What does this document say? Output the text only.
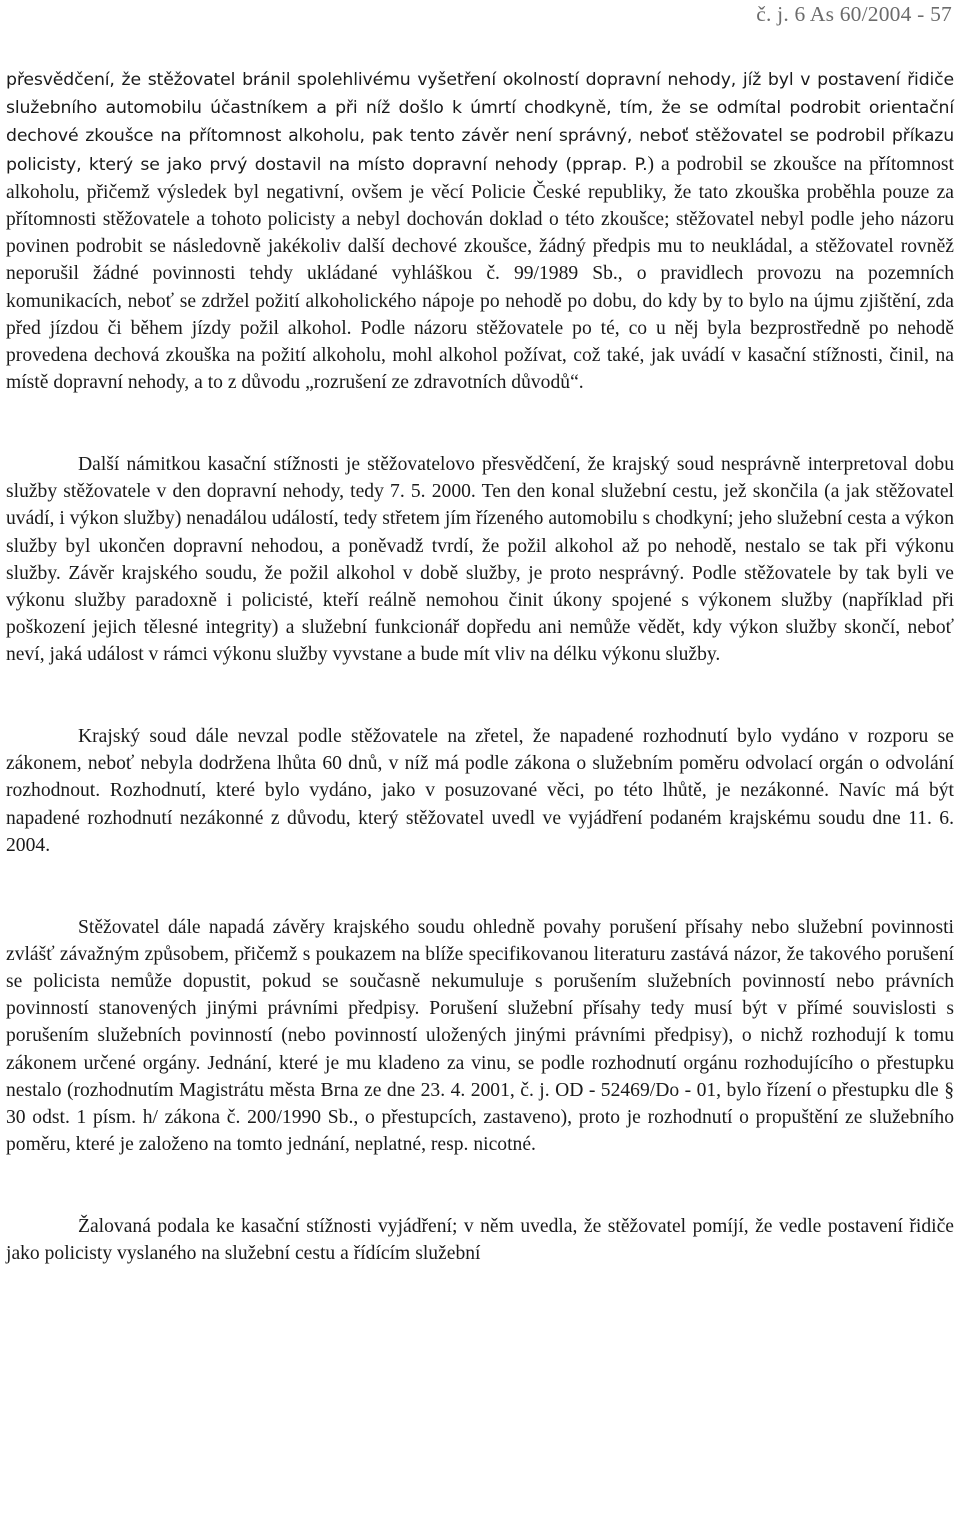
č. j. 6 As 60/2004 - 57

přesvědčení, že stěžovatel bránil spolehlivému vyšetření okolností dopravní nehody, jíž byl v postavení řidiče služebního automobilu účastníkem a při níž došlo k úmrtí chodkyně, tím, že se odmítal podrobit orientační dechové zkoušce na přítomnost alkoholu, pak tento závěr není správný, neboť stěžovatel se podrobil příkazu policisty, který se jako prvý dostavil na místo dopravní nehody (pprap. P.) a podrobil se zkoušce na přítomnost alkoholu, přičemž výsledek byl negativní, ovšem je věcí Policie České republiky, že tato zkouška proběhla pouze za přítomnosti stěžovatele a tohoto policisty a nebyl dochován doklad o této zkoušce; stěžovatel nebyl podle jeho názoru povinen podrobit se následovně jakékoliv další dechové zkoušce, žádný předpis mu to neukládal, a stěžovatel rovněž neporušil žádné povinnosti tehdy ukládané vyhláškou č. 99/1989 Sb., o pravidlech provozu na pozemních komunikacích, neboť se zdržel požití alkoholického nápoje po nehodě po dobu, do kdy by to bylo na újmu zjištění, zda před jízdou či během jízdy požil alkohol. Podle názoru stěžovatele po té, co u něj byla bezprostředně po nehodě provedena dechová zkouška na požití alkoholu, mohl alkohol požívat, což také, jak uvádí v kasační stížnosti, činil, na místě dopravní nehody, a to z důvodu „rozrušení ze zdravotních důvodů“.

Další námitkou kasační stížnosti je stěžovatelovo přesvědčení, že krajský soud nesprávně interpretoval dobu služby stěžovatele v den dopravní nehody, tedy 7. 5. 2000. Ten den konal služební cestu, jež skončila (a jak stěžovatel uvádí, i výkon služby) nenadálou událostí, tedy střetem jím řízeného automobilu s chodkyní; jeho služební cesta a výkon služby byl ukončen dopravní nehodou, a poněvadž tvrdí, že požil alkohol až po nehodě, nestalo se tak při výkonu služby. Závěr krajského soudu, že požil alkohol v době služby, je proto nesprávný. Podle stěžovatele by tak byli ve výkonu služby paradoxně i policisté, kteří reálně nemohou činit úkony spojené s výkonem služby (například při poškození jejich tělesné integrity) a služební funkcionář dopředu ani nemůže vědět, kdy výkon služby skončí, neboť neví, jaká událost v rámci výkonu služby vyvstane a bude mít vliv na délku výkonu služby.

Krajský soud dále nevzal podle stěžovatele na zřetel, že napadené rozhodnutí bylo vydáno v rozporu se zákonem, neboť nebyla dodržena lhůta 60 dnů, v níž má podle zákona o služebním poměru odvolací orgán o odvolání rozhodnout. Rozhodnutí, které bylo vydáno, jako v posuzované věci, po této lhůtě, je nezákonné. Navíc má být napadené rozhodnutí nezákonné z důvodu, který stěžovatel uvedl ve vyjádření podaném krajskému soudu dne 11. 6. 2004.

Stěžovatel dále napadá závěry krajského soudu ohledně povahy porušení přísahy nebo služební povinnosti zvlášť závažným způsobem, přičemž s poukazem na blíže specifikovanou literaturu zastává názor, že takového porušení se policista nemůže dopustit, pokud se současně nekumuluje s porušením služebních povinností nebo právních povinností stanovených jinými právními předpisy. Porušení služební přísahy tedy musí být v přímé souvislosti s porušením služebních povinností (nebo povinností uložených jinými právními předpisy), o nichž rozhodují k tomu zákonem určené orgány. Jednání, které je mu kladeno za vinu, se podle rozhodnutí orgánu rozhodujícího o přestupku nestalo (rozhodnutím Magistrátu města Brna ze dne 23. 4. 2001, č. j. OD - 52469/Do - 01, bylo řízení o přestupku dle § 30 odst. 1 písm. h/ zákona č. 200/1990 Sb., o přestupcích, zastaveno), proto je rozhodnutí o propuštění ze služebního poměru, které je založeno na tomto jednání, neplatné, resp. nicotné.

Žalovaná podala ke kasační stížnosti vyjádření; v něm uvedla, že stěžovatel pomíjí, že vedle postavení řidiče jako policisty vyslaného na služební cestu a řídícím služební
